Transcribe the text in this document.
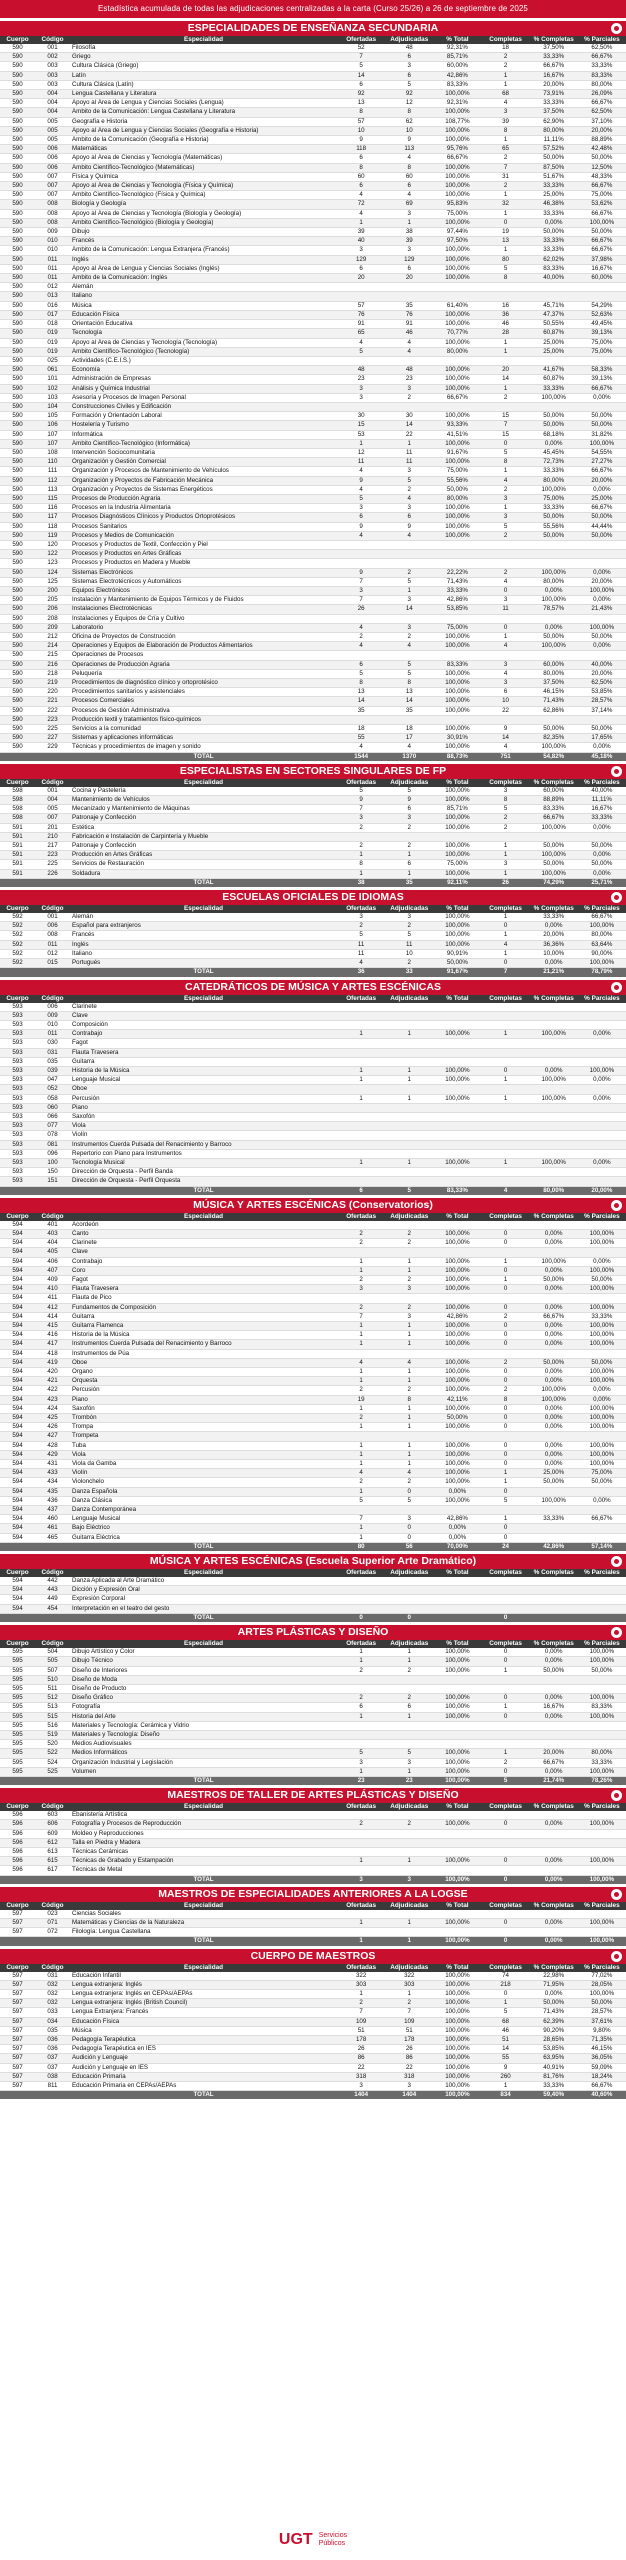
Estadística acumulada de todas las adjudicaciones centralizadas a la carta (Curso 25/26) a 26 de septiembre de 2025
ESPECIALIDADES DE ENSEÑANZA SECUNDARIA
Cuerpo	Código	Especialidad	Ofertadas	Adjudicadas	% Total	Completas	% Completas	% Parciales
590	001	Filosofía	52	48	92,31%	18	37,50%	62,50%
590	002	Griego	7	6	85,71%	2	33,33%	66,67%
590	003	Cultura Clásica (Griego)	5	3	60,00%	2	66,67%	33,33%
590	003	Latín	14	6	42,86%	1	16,67%	83,33%
590	003	Cultura Clásica (Latín)	6	5	83,33%	1	20,00%	80,00%
590	004	Lengua Castellana y Literatura	92	92	100,00%	68	73,91%	26,09%
590	004	Apoyo al Área de Lengua y Ciencias Sociales (Lengua)	13	12	92,31%	4	33,33%	66,67%
590	004	Ámbito de la Comunicación: Lengua Castellana y Literatura	8	8	100,00%	3	37,50%	62,50%
590	005	Geografía e Historia	57	62	108,77%	39	62,90%	37,10%
590	005	Apoyo al Área de Lengua y Ciencias Sociales (Geografía e Historia)	10	10	100,00%	8	80,00%	20,00%
590	005	Ámbito de la Comunicación (Geografía e Historia)	9	9	100,00%	1	11,11%	88,89%
590	006	Matemáticas	118	113	95,76%	65	57,52%	42,48%
590	006	Apoyo al Área de Ciencias y Tecnología (Matemáticas)	6	4	66,67%	2	50,00%	50,00%
590	006	Ámbito Científico-Tecnológico (Matemáticas)	8	8	100,00%	7	87,50%	12,50%
590	007	Física y Química	60	60	100,00%	31	51,67%	48,33%
590	007	Apoyo al Área de Ciencias y Tecnología (Física y Química)	6	6	100,00%	2	33,33%	66,67%
590	007	Ámbito Científico-Tecnológico (Física y Química)	4	4	100,00%	1	25,00%	75,00%
590	008	Biología y Geología	72	69	95,83%	32	46,38%	53,62%
590	008	Apoyo al Área de Ciencias y Tecnología (Biología y Geología)	4	3	75,00%	1	33,33%	66,67%
590	008	Ámbito Científico-Tecnológico (Biología y Geología)	1	1	100,00%	0	0,00%	100,00%
590	009	Dibujo	39	38	97,44%	19	50,00%	50,00%
590	010	Francés	40	39	97,50%	13	33,33%	66,67%
590	010	Ámbito de la Comunicación: Lengua Extranjera (Francés)	3	3	100,00%	1	33,33%	66,67%
590	011	Inglés	129	129	100,00%	80	62,02%	37,98%
590	011	Apoyo al Área de Lengua y Ciencias Sociales (Inglés)	6	6	100,00%	5	83,33%	16,67%
590	011	Ámbito de la Comunicación: Inglés	20	20	100,00%	8	40,00%	60,00%
590	012	Alemán						
590	013	Italiano						
590	016	Música	57	35	61,40%	16	45,71%	54,29%
590	017	Educación Física	76	76	100,00%	36	47,37%	52,63%
590	018	Orientación Educativa	91	91	100,00%	46	50,55%	49,45%
590	019	Tecnología	65	46	70,77%	28	60,87%	39,13%
590	019	Apoyo al Área de Ciencias y Tecnología (Tecnología)	4	4	100,00%	1	25,00%	75,00%
590	019	Ámbito Científico-Tecnológico (Tecnología)	5	4	80,00%	1	25,00%	75,00%
590	025	Actividades (C.E.I.S.)						
590	061	Economía	48	48	100,00%	20	41,67%	58,33%
590	101	Administración de Empresas	23	23	100,00%	14	60,87%	39,13%
590	102	Análisis y Química Industrial	3	3	100,00%	1	33,33%	66,67%
590	103	Asesoría y Procesos de Imagen Personal	3	2	66,67%	2	100,00%	0,00%
590	104	Construcciones Civiles y Edificación						
590	105	Formación y Orientación Laboral	30	30	100,00%	15	50,00%	50,00%
590	106	Hostelería y Turismo	15	14	93,33%	7	50,00%	50,00%
590	107	Informática	53	22	41,51%	15	68,18%	31,82%
590	107	Ámbito Científico-Tecnológico (Informática)	1	1	100,00%	0	0,00%	100,00%
590	108	Intervención Sociocomunitaria	12	11	91,67%	5	45,45%	54,55%
590	110	Organización y Gestión Comercial	11	11	100,00%	8	72,73%	27,27%
590	111	Organización y Procesos de Mantenimiento de Vehículos	4	3	75,00%	1	33,33%	66,67%
590	112	Organización y Proyectos de Fabricación Mecánica	9	5	55,56%	4	80,00%	20,00%
590	113	Organización y Proyectos de Sistemas Energéticos	4	2	50,00%	2	100,00%	0,00%
590	115	Procesos de Producción Agraria	5	4	80,00%	3	75,00%	25,00%
590	116	Procesos en la Industria Alimentaria	3	3	100,00%	1	33,33%	66,67%
590	117	Procesos Diagnósticos Clínicos y Productos Ortoprotésicos	6	6	100,00%	3	50,00%	50,00%
590	118	Procesos Sanitarios	9	9	100,00%	5	55,56%	44,44%
590	119	Procesos y Medios de Comunicación	4	4	100,00%	2	50,00%	50,00%
590	120	Procesos y Productos de Textil, Confección y Piel						
590	122	Procesos y Productos en Artes Gráficas						
590	123	Procesos y Productos en Madera y Mueble						
590	124	Sistemas Electrónicos	9	2	22,22%	2	100,00%	0,00%
590	125	Sistemas Electrotécnicos y Automáticos	7	5	71,43%	4	80,00%	20,00%
590	200	Equipos Electrónicos	3	1	33,33%	0	0,00%	100,00%
590	205	Instalación y Mantenimiento de Equipos Térmicos y de Fluidos	7	3	42,86%	3	100,00%	0,00%
590	206	Instalaciones Electrotécnicas	26	14	53,85%	11	78,57%	21,43%
590	208	Instalaciones y Equipos de Cría y Cultivo						
590	209	Laboratorio	4	3	75,00%	0	0,00%	100,00%
590	212	Oficina de Proyectos de Construcción	2	2	100,00%	1	50,00%	50,00%
590	214	Operaciones y Equipos de Elaboración de Productos Alimentarios	4	4	100,00%	4	100,00%	0,00%
590	215	Operaciones de Procesos						
590	216	Operaciones de Producción Agraria	6	5	83,33%	3	60,00%	40,00%
590	218	Peluquería	5	5	100,00%	4	80,00%	20,00%
590	219	Procedimientos de diagnóstico clínico y ortoprotésico	8	8	100,00%	3	37,50%	62,50%
590	220	Procedimientos sanitarios y asistenciales	13	13	100,00%	6	46,15%	53,85%
590	221	Procesos Comerciales	14	14	100,00%	10	71,43%	28,57%
590	222	Procesos de Gestión Administrativa	35	35	100,00%	22	62,86%	37,14%
590	223	Producción textil y tratamientos físico-químicos						
590	225	Servicios a la comunidad	18	18	100,00%	9	50,00%	50,00%
590	227	Sistemas y aplicaciones informáticas	55	17	30,91%	14	82,35%	17,65%
590	229	Técnicas y procedimientos de imagen y sonido	4	4	100,00%	4	100,00%	0,00%
		TOTAL	1544	1370	88,73%	751	54,82%	45,18%
ESPECIALISTAS EN SECTORES SINGULARES DE FP
Cuerpo	Código	Especialidad	Ofertadas	Adjudicadas	% Total	Completas	% Completas	% Parciales
598	001	Cocina y Pastelería	5	5	100,00%	3	60,00%	40,00%
598	004	Mantenimiento de Vehículos	9	9	100,00%	8	88,89%	11,11%
598	005	Mecanizado y Mantenimiento de Máquinas	7	6	85,71%	5	83,33%	16,67%
598	007	Patronaje y Confección	3	3	100,00%	2	66,67%	33,33%
591	201	Estética	2	2	100,00%	2	100,00%	0,00%
591	210	Fabricación e Instalación de Carpintería y Mueble						
591	217	Patronaje y Confección	2	2	100,00%	1	50,00%	50,00%
591	223	Producción en Artes Gráficas	1	1	100,00%	1	100,00%	0,00%
591	225	Servicios de Restauración	8	6	75,00%	3	50,00%	50,00%
591	226	Soldadura	1	1	100,00%	1	100,00%	0,00%
		TOTAL	38	35	92,11%	26	74,29%	25,71%
ESCUELAS OFICIALES DE IDIOMAS
Cuerpo	Código	Especialidad	Ofertadas	Adjudicadas	% Total	Completas	% Completas	% Parciales
592	001	Alemán	3	3	100,00%	1	33,33%	66,67%
592	006	Español para extranjeros	2	2	100,00%	0	0,00%	100,00%
592	008	Francés	5	5	100,00%	1	20,00%	80,00%
592	011	Inglés	11	11	100,00%	4	36,36%	63,64%
592	012	Italiano	11	10	90,91%	1	10,00%	90,00%
592	015	Portugués	4	2	50,00%	0	0,00%	100,00%
		TOTAL	36	33	91,67%	7	21,21%	78,79%
CATEDRÁTICOS DE MÚSICA Y ARTES ESCÉNICAS
Cuerpo	Código	Especialidad	Ofertadas	Adjudicadas	% Total	Completas	% Completas	% Parciales
593	006	Clarinete						
593	009	Clave						
593	010	Composición						
593	011	Contrabajo	1	1	100,00%	1	100,00%	0,00%
593	030	Fagot						
593	031	Flauta Travesera						
593	035	Guitarra						
593	039	Historia de la Música	1	1	100,00%	0	0,00%	100,00%
593	047	Lenguaje Musical	1	1	100,00%	1	100,00%	0,00%
593	052	Oboe						
593	058	Percusión	1	1	100,00%	1	100,00%	0,00%
593	060	Piano						
593	066	Saxofón						
593	077	Viola						
593	078	Violín						
593	081	Instrumentos Cuerda Pulsada del Renacimiento y Barroco						
593	096	Repertorio con Piano para Instrumentos						
593	100	Tecnología Musical	1	1	100,00%	1	100,00%	0,00%
593	150	Dirección de Orquesta - Perfil Banda						
593	151	Dirección de Orquesta - Perfil Orquesta						
		TOTAL	6	5	83,33%	4	80,00%	20,00%
MÚSICA Y ARTES ESCÉNICAS (Conservatorios)
Cuerpo	Código	Especialidad	Ofertadas	Adjudicadas	% Total	Completas	% Completas	% Parciales
594	401	Acordeón						
594	403	Canto	2	2	100,00%	0	0,00%	100,00%
594	404	Clarinete	2	2	100,00%	0	0,00%	100,00%
594	405	Clave						
594	406	Contrabajo	1	1	100,00%	1	100,00%	0,00%
594	407	Coro	1	1	100,00%	0	0,00%	100,00%
594	409	Fagot	2	2	100,00%	1	50,00%	50,00%
594	410	Flauta Travesera	3	3	100,00%	0	0,00%	100,00%
594	411	Flauta de Pico						
594	412	Fundamentos de Composición	2	2	100,00%	0	0,00%	100,00%
594	414	Guitarra	7	3	42,86%	2	66,67%	33,33%
594	415	Guitarra Flamenca	1	1	100,00%	0	0,00%	100,00%
594	416	Historia de la Música	1	1	100,00%	0	0,00%	100,00%
594	417	Instrumentos Cuerda Pulsada del Renacimiento y Barroco	1	1	100,00%	0	0,00%	100,00%
594	418	Instrumentos de Púa						
594	419	Oboe	4	4	100,00%	2	50,00%	50,00%
594	420	Órgano	1	1	100,00%	0	0,00%	100,00%
594	421	Orquesta	1	1	100,00%	0	0,00%	100,00%
594	422	Percusión	2	2	100,00%	2	100,00%	0,00%
594	423	Piano	19	8	42,11%	8	100,00%	0,00%
594	424	Saxofón	1	1	100,00%	0	0,00%	100,00%
594	425	Trombón	2	1	50,00%	0	0,00%	100,00%
594	426	Trompa	1	1	100,00%	0	0,00%	100,00%
594	427	Trompeta						
594	428	Tuba	1	1	100,00%	0	0,00%	100,00%
594	429	Viola	1	1	100,00%	0	0,00%	100,00%
594	431	Viola da Gamba	1	1	100,00%	0	0,00%	100,00%
594	433	Violín	4	4	100,00%	1	25,00%	75,00%
594	434	Violonchelo	2	2	100,00%	1	50,00%	50,00%
594	435	Danza Española	1	0	0,00%	0		
594	436	Danza Clásica	5	5	100,00%	5	100,00%	0,00%
594	437	Danza Contemporánea						
594	460	Lenguaje Musical	7	3	42,86%	1	33,33%	66,67%
594	461	Bajo Eléctrico	1	0	0,00%	0		
594	465	Guitarra Eléctrica	1	0	0,00%	0		
		TOTAL	80	56	70,00%	24	42,86%	57,14%
MÚSICA Y ARTES ESCÉNICAS (Escuela Superior Arte Dramático)
Cuerpo	Código	Especialidad	Ofertadas	Adjudicadas	% Total	Completas	% Completas	% Parciales
594	442	Danza Aplicada al Arte Dramático						
594	443	Dicción y Expresión Oral						
594	449	Expresión Corporal						
594	454	Interpretación en el teatro del gesto						
		TOTAL	0	0		0		
ARTES PLÁSTICAS Y DISEÑO
Cuerpo	Código	Especialidad	Ofertadas	Adjudicadas	% Total	Completas	% Completas	% Parciales
595	504	Dibujo Artístico y Color	1	1	100,00%	0	0,00%	100,00%
595	505	Dibujo Técnico	1	1	100,00%	0	0,00%	100,00%
595	507	Diseño de Interiores	2	2	100,00%	1	50,00%	50,00%
595	510	Diseño de Moda						
595	511	Diseño de Producto						
595	512	Diseño Gráfico	2	2	100,00%	0	0,00%	100,00%
595	513	Fotografía	6	6	100,00%	1	16,67%	83,33%
595	515	Historia del Arte	1	1	100,00%	0	0,00%	100,00%
595	516	Materiales y Tecnología: Cerámica y Vidrio						
595	519	Materiales y Tecnología: Diseño						
595	520	Medios Audiovisuales						
595	522	Medios Informáticos	5	5	100,00%	1	20,00%	80,00%
595	524	Organización Industrial y Legislación	3	3	100,00%	2	66,67%	33,33%
595	525	Volumen	1	1	100,00%	0	0,00%	100,00%
		TOTAL	23	23	100,00%	5	21,74%	78,26%
MAESTROS DE TALLER DE ARTES PLÁSTICAS Y DISEÑO
Cuerpo	Código	Especialidad	Ofertadas	Adjudicadas	% Total	Completas	% Completas	% Parciales
596	603	Ebanistería Artística						
596	606	Fotografía y Procesos de Reproducción	2	2	100,00%	0	0,00%	100,00%
596	609	Moldeo y Reproducciones						
596	612	Talla en Piedra y Madera						
596	613	Técnicas Cerámicas						
596	615	Técnicas de Grabado y Estampación	1	1	100,00%	0	0,00%	100,00%
596	617	Técnicas de Metal						
		TOTAL	3	3	100,00%	0	0,00%	100,00%
MAESTROS DE ESPECIALIDADES ANTERIORES A LA LOGSE
Cuerpo	Código	Especialidad	Ofertadas	Adjudicadas	% Total	Completas	% Completas	% Parciales
597	023	Ciencias Sociales						
597	071	Matemáticas y Ciencias de la Naturaleza	1	1	100,00%	0	0,00%	100,00%
597	072	Filología: Lengua Castellana						
		TOTAL	1	1	100,00%	0	0,00%	100,00%
CUERPO DE MAESTROS
Cuerpo	Código	Especialidad	Ofertadas	Adjudicadas	% Total	Completas	% Completas	% Parciales
597	031	Educación Infantil	322	322	100,00%	74	22,98%	77,02%
597	032	Lengua extranjera: Inglés	303	303	100,00%	218	71,95%	28,05%
597	032	Lengua extranjera: Inglés en CEPAs/AEPAs	1	1	100,00%	0	0,00%	100,00%
597	032	Lengua extranjera: Inglés (British Council)	2	2	100,00%	1	50,00%	50,00%
597	033	Lengua Extranjera: Francés	7	7	100,00%	5	71,43%	28,57%
597	034	Educación Física	109	109	100,00%	68	62,39%	37,61%
597	035	Música	51	51	100,00%	46	90,20%	9,80%
597	036	Pedagogía Terapéutica	178	178	100,00%	51	28,65%	71,35%
597	036	Pedagogía Terapéutica en IES	26	26	100,00%	14	53,85%	46,15%
597	037	Audición y Lenguaje	86	86	100,00%	55	63,95%	36,05%
597	037	Audición y Lenguaje en IES	22	22	100,00%	9	40,91%	59,09%
597	038	Educación Primaria	318	318	100,00%	260	81,76%	18,24%
597	811	Educación Primaria en CEPAs/AEPAs	3	3	100,00%	1	33,33%	66,67%
		TOTAL	1404	1404	100,00%	834	59,40%	40,60%
UGT Servicios
Públicos
